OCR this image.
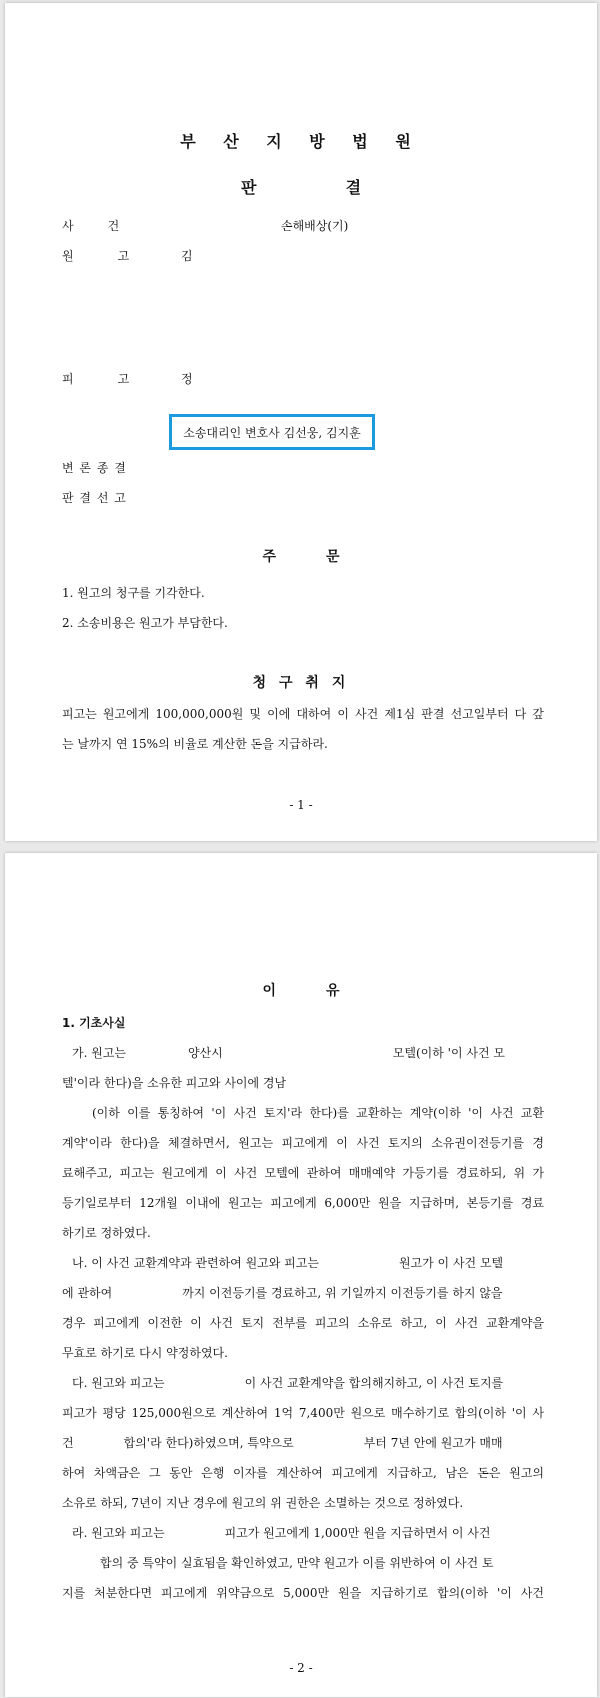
부 산 지 방 법 원
판	결
사건	손해배상(기)
원고	김
피고	정
소송대리인 변호사 김선웅, 김지훈
변 론 종 결
판 결 선 고
주	문
1. 원고의 청구를 기각한다.
2. 소송비용은 원고가 부담한다.
청 구 취 지
피고는 원고에게 100,000,000원 및 이에 대하여 이 사건 제1심 판결 선고일부터 다 갚
는 날까지 연 15%의 비율로 계산한 돈을 지급하라.
- 1 -
이	유
1. 기초사실
가. 원고는	양산시	모텔(이하 '이 사건 모
텔'이라 한다)을 소유한 피고와 사이에 경남
(이하 이를 통칭하여 '이 사건 토지'라 한다)를 교환하는 계약(이하 '이 사건 교환
계약'이라 한다)을 체결하면서, 원고는 피고에게 이 사건 토지의 소유권이전등기를 경
료해주고, 피고는 원고에게 이 사건 모텔에 관하여 매매예약 가등기를 경료하되, 위 가
등기일로부터 12개월 이내에 원고는 피고에게 6,000만 원을 지급하며, 본등기를 경료
하기로 정하였다.
나. 이 사건 교환계약과 관련하여 원고와 피고는	원고가 이 사건 모텔
에 관하여	까지 이전등기를 경료하고, 위 기일까지 이전등기를 하지 않을
경우 피고에게 이전한 이 사건 토지 전부를 피고의 소유로 하고, 이 사건 교환계약을
무효로 하기로 다시 약정하였다.
다. 원고와 피고는	이 사건 교환계약을 합의해지하고, 이 사건 토지를
피고가 평당 125,000원으로 계산하여 1억 7,400만 원으로 매수하기로 합의(이하 '이 사
건	합의'라 한다)하였으며, 특약으로	부터 7년 안에 원고가 매매
하여 차액금은 그 동안 은행 이자를 계산하여 피고에게 지급하고, 남은 돈은 원고의
소유로 하되, 7년이 지난 경우에 원고의 위 권한은 소멸하는 것으로 정하였다.
라. 원고와 피고는	피고가 원고에게 1,000만 원을 지급하면서 이 사건
합의 중 특약이 실효됨을 확인하였고, 만약 원고가 이를 위반하여 이 사건 토
지를 처분한다면 피고에게 위약금으로 5,000만 원을 지급하기로 합의(이하 '이 사건
- 2 -
